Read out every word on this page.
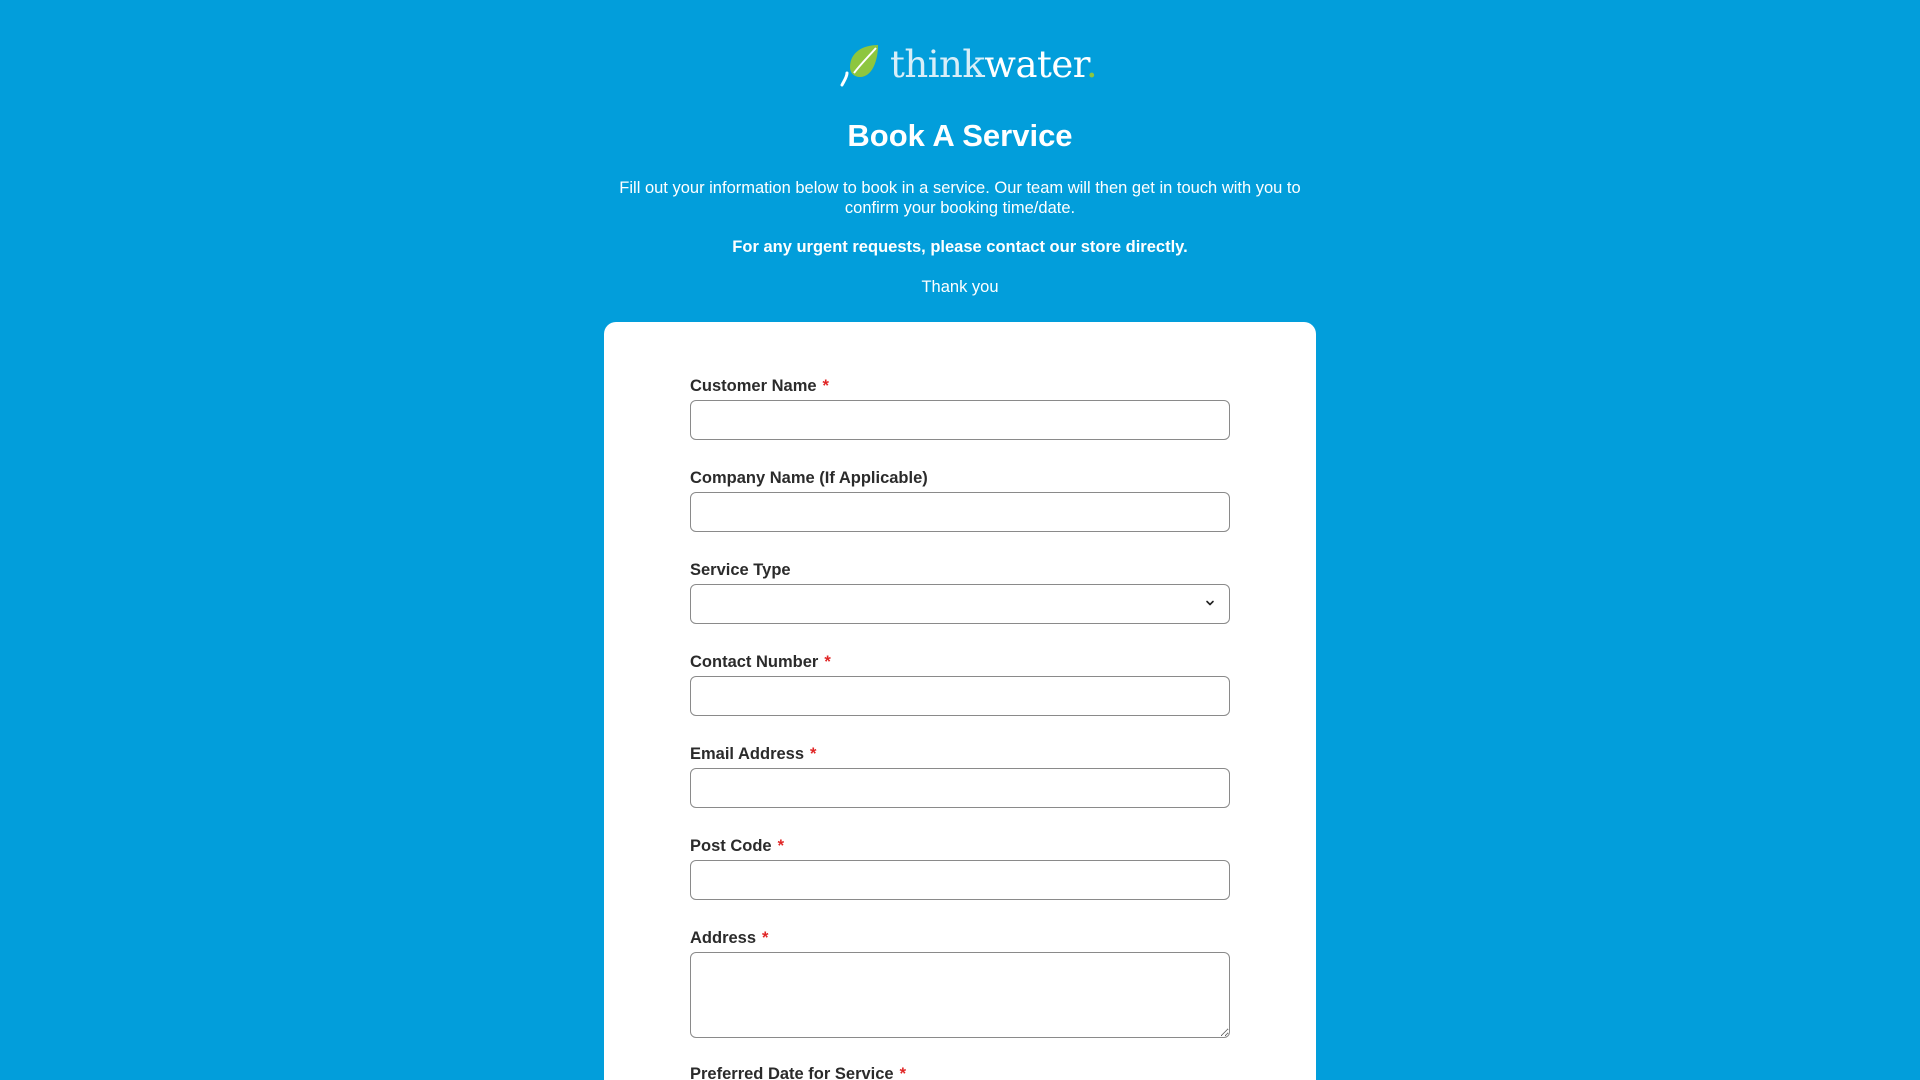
thinkwater.
Book A Service

Fill out your information below to book in a service. Our team will then get in touch with you to confirm your booking time/date.

For any urgent requests, please contact our store directly.

Thank you

Customer Name *
Company Name (If Applicable)
Service Type
Contact Number *
Email Address *
Post Code *
Address *
Preferred Date for Service *
